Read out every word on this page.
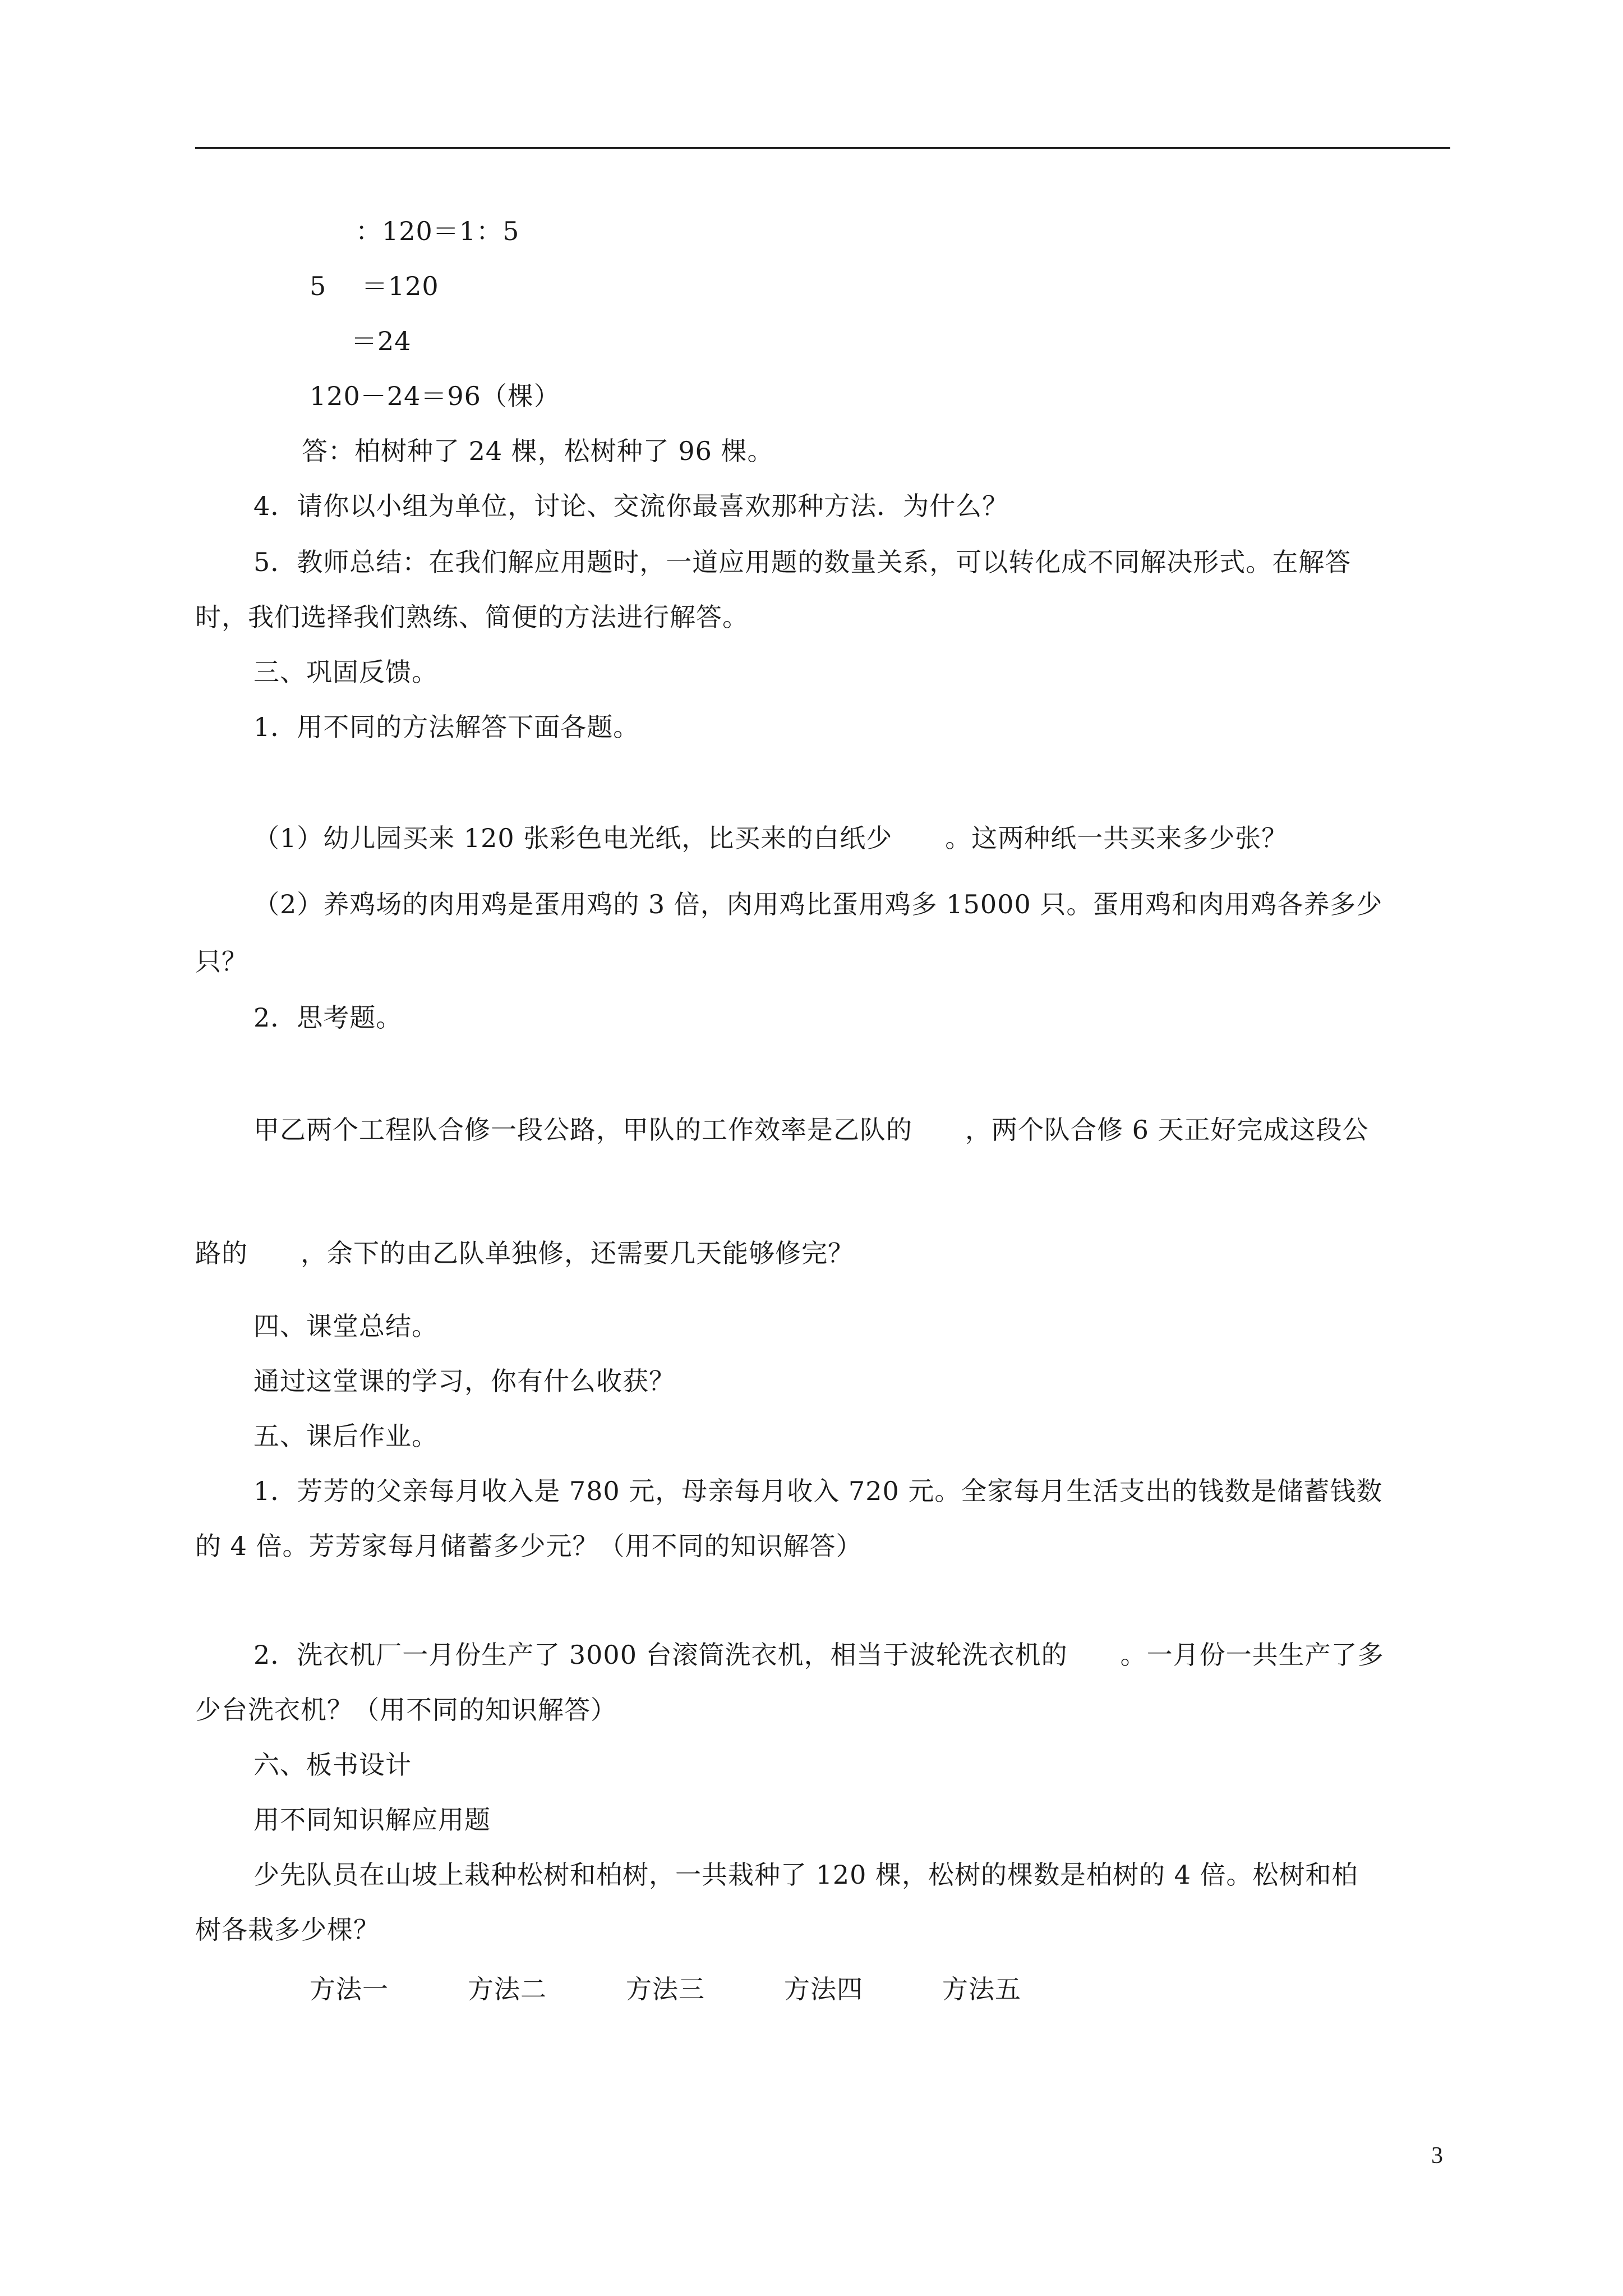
：120＝1：5
5 　＝120
＝24
120－24＝96（棵）
答：柏树种了 24 棵，松树种了 96 棵。
4．请你以小组为单位，讨论、交流你最喜欢那种方法．为什么？
5．教师总结：在我们解应用题时，一道应用题的数量关系，可以转化成不同解决形式。在解答
时，我们选择我们熟练、简便的方法进行解答。
三、巩固反馈。
1．用不同的方法解答下面各题。
（1）幼儿园买来 120 张彩色电光纸，比买来的白纸少　　。这两种纸一共买来多少张？
（2）养鸡场的肉用鸡是蛋用鸡的 3 倍，肉用鸡比蛋用鸡多 15000 只。蛋用鸡和肉用鸡各养多少
只？
2．思考题。
甲乙两个工程队合修一段公路，甲队的工作效率是乙队的　　，两个队合修 6 天正好完成这段公
路的　　，余下的由乙队单独修，还需要几天能够修完？
四、课堂总结。
通过这堂课的学习，你有什么收获？
五、课后作业。
1．芳芳的父亲每月收入是 780 元，母亲每月收入 720 元。全家每月生活支出的钱数是储蓄钱数
的 4 倍。芳芳家每月储蓄多少元？（用不同的知识解答）
2．洗衣机厂一月份生产了 3000 台滚筒洗衣机，相当于波轮洗衣机的　　。一月份一共生产了多
少台洗衣机？（用不同的知识解答）
六、板书设计
用不同知识解应用题
少先队员在山坡上栽种松树和柏树，一共栽种了 120 棵，松树的棵数是柏树的 4 倍。松树和柏
树各栽多少棵？
方法一　　　方法二　　　方法三　　　方法四　　　方法五
3
